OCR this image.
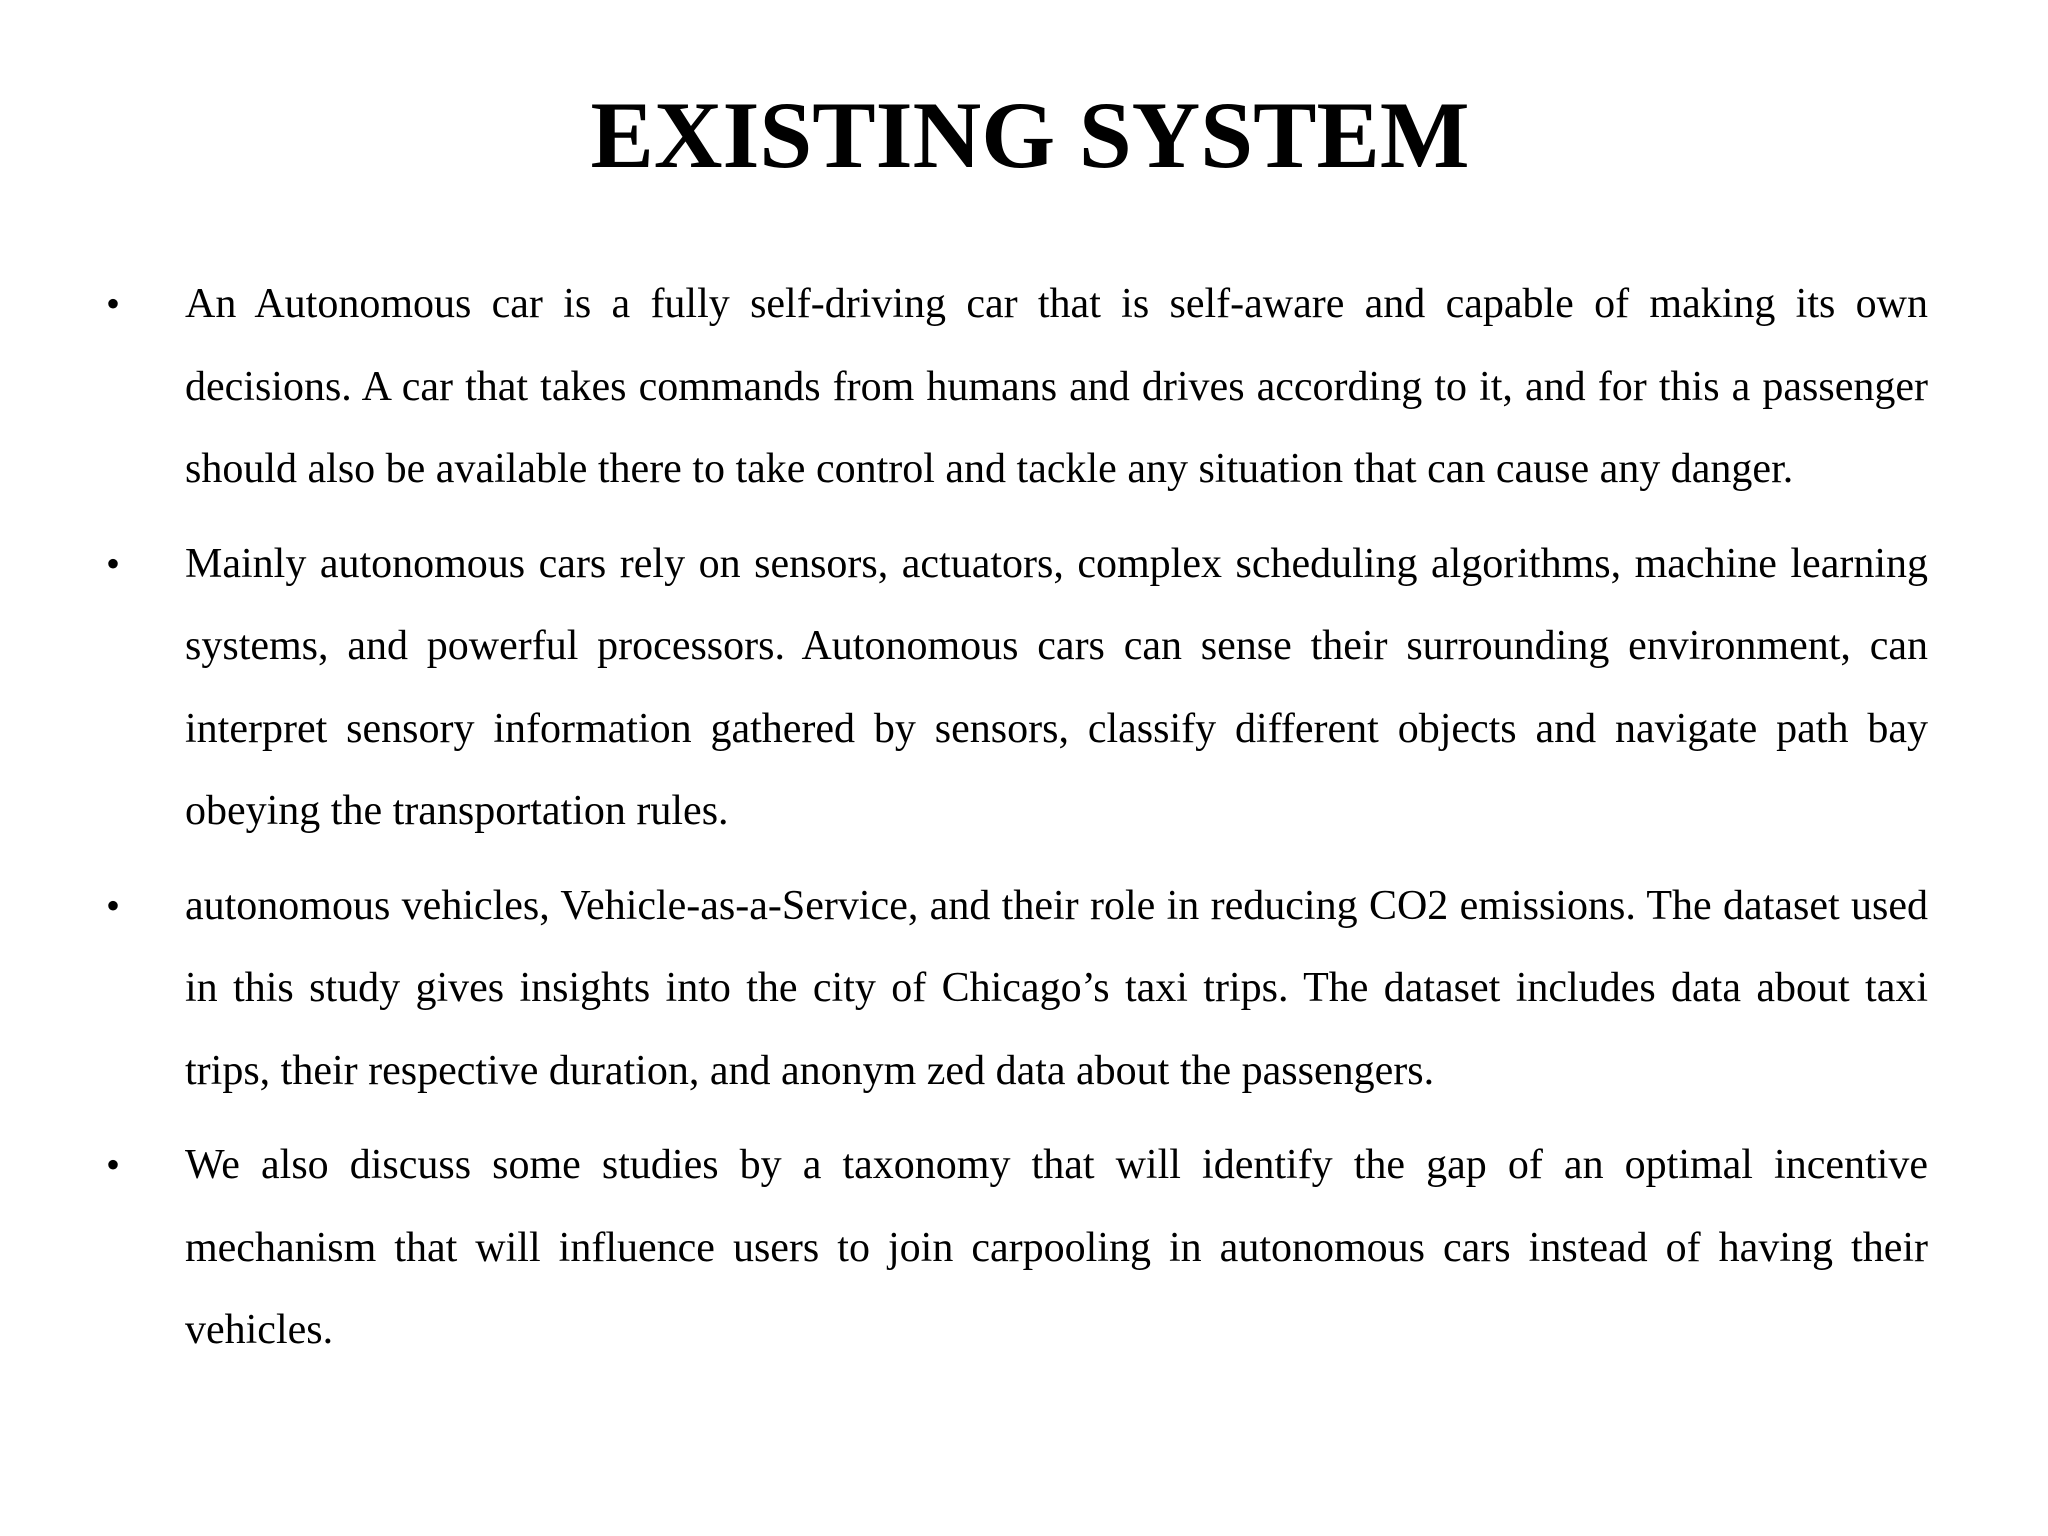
EXISTING SYSTEM
• An Autonomous car is a fully self-driving car that is self-aware and capable of making its own decisions. A car that takes commands from humans and drives according to it, and for this a passenger should also be available there to take control and tackle any situation that can cause any danger.
• Mainly autonomous cars rely on sensors, actuators, complex scheduling algorithms, machine learning systems, and powerful processors. Autonomous cars can sense their surrounding environment, can interpret sensory information gathered by sensors, classify different objects and navigate path bay obeying the transportation rules.
• autonomous vehicles, Vehicle-as-a-Service, and their role in reducing CO2 emissions. The dataset used in this study gives insights into the city of Chicago’s taxi trips. The dataset includes data about taxi trips, their respective duration, and anonym zed data about the passengers.
• We also discuss some studies by a taxonomy that will identify the gap of an optimal incentive mechanism that will influence users to join carpooling in autonomous cars instead of having their vehicles.
